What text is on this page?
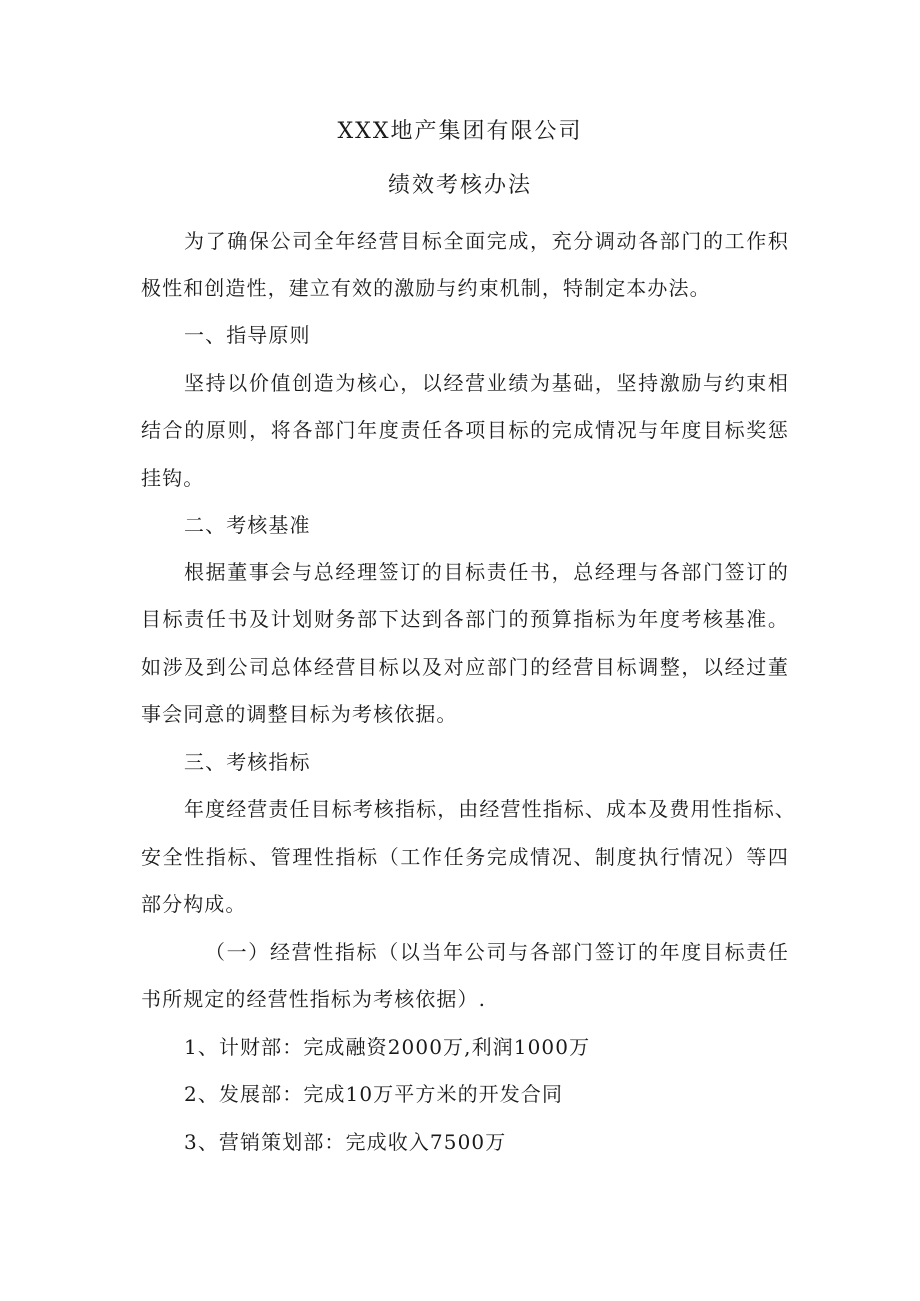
XXX地产集团有限公司
绩效考核办法
为了确保公司全年经营目标全面完成，充分调动各部门的工作积
极性和创造性，建立有效的激励与约束机制，特制定本办法。
一、指导原则
坚持以价值创造为核心，以经营业绩为基础，坚持激励与约束相
结合的原则，将各部门年度责任各项目标的完成情况与年度目标奖惩
挂钩。
二、考核基准
根据董事会与总经理签订的目标责任书，总经理与各部门签订的
目标责任书及计划财务部下达到各部门的预算指标为年度考核基准。
如涉及到公司总体经营目标以及对应部门的经营目标调整，以经过董
事会同意的调整目标为考核依据。
三、考核指标
年度经营责任目标考核指标，由经营性指标、成本及费用性指标、
安全性指标、管理性指标（工作任务完成情况、制度执行情况）等四
部分构成。
（一）经营性指标（以当年公司与各部门签订的年度目标责任
书所规定的经营性指标为考核依据）.
1、计财部：完成融资2000万,利润1000万
2、发展部：完成10万平方米的开发合同
3、营销策划部：完成收入7500万
